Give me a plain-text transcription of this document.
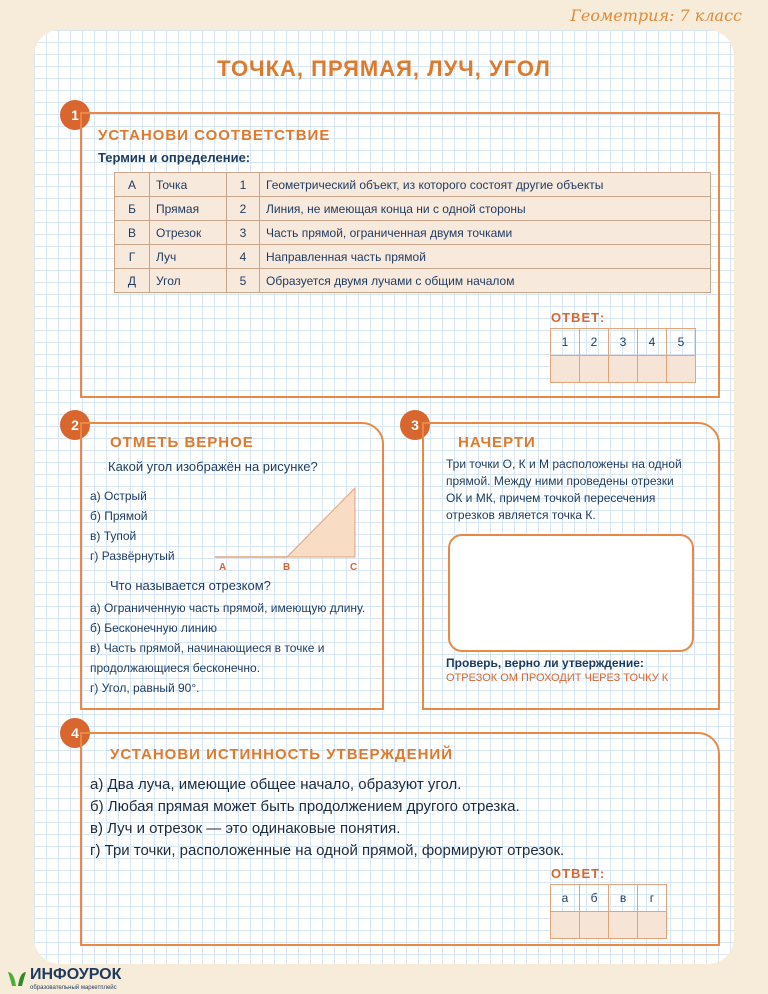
Геометрия: 7 класс
ТОЧКА, ПРЯМАЯ, ЛУЧ, УГОЛ
1
УСТАНОВИ СООТВЕТСТВИЕ
Термин и определение:
А	Точка	1	Геометрический объект, из которого состоят другие объекты
Б	Прямая	2	Линия, не имеющая конца ни с одной стороны
В	Отрезок	3	Часть прямой, ограниченная двумя точками
Г	Луч	4	Направленная часть прямой
Д	Угол	5	Образуется двумя лучами с общим началом
ОТВЕТ:
1	2	3	4	5

2
ОТМЕТЬ ВЕРНОЕ
Какой угол изображён на рисунке?
а) Острый
б) Прямой
в) Тупой
г) Развёрнутый
A	B	C
Что называется отрезком?
а) Ограниченную часть прямой, имеющую длину.
б) Бесконечную линию
в) Часть прямой, начинающиеся в точке и
продолжающиеся бесконечно.
г) Угол, равный 90°.
3
НАЧЕРТИ
Три точки О, К и М расположены на одной
прямой. Между ними проведены отрезки
ОК и МК, причем точкой пересечения
отрезков является точка К.
Проверь, верно ли утверждение:
ОТРЕЗОК ОМ ПРОХОДИТ ЧЕРЕЗ ТОЧКУ К
4
УСТАНОВИ ИСТИННОСТЬ УТВЕРЖДЕНИЙ
а) Два луча, имеющие общее начало, образуют угол.
б) Любая прямая может быть продолжением другого отрезка.
в) Луч и отрезок — это одинаковые понятия.
г) Три точки, расположенные на одной прямой, формируют отрезок.
ОТВЕТ:
а	б	в	г

ИНФОУРОК
образовательный маркетплейс
